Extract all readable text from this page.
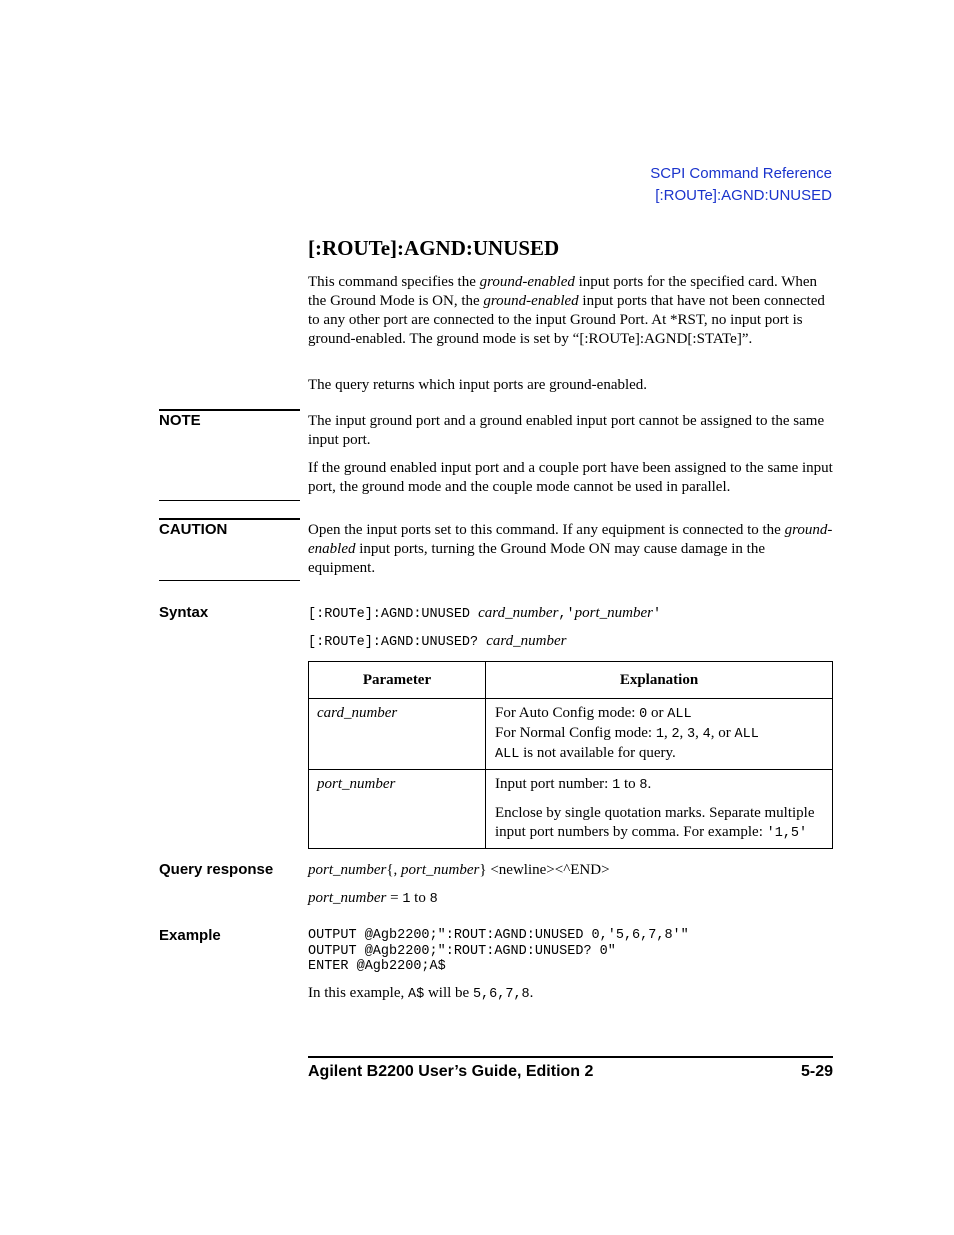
SCPI Command Reference
[:ROUTe]:AGND:UNUSED
[:ROUTe]:AGND:UNUSED

This command specifies the ground-enabled input ports for the specified card. When the Ground Mode is ON, the ground-enabled input ports that have not been connected to any other port are connected to the input Ground Port. At *RST, no input port is ground-enabled. The ground mode is set by “[:ROUTe]:AGND[:STATe]”.

The query returns which input ports are ground-enabled.
NOTE	The input ground port and a ground enabled input port cannot be assigned to the same input port.
If the ground enabled input port and a couple port have been assigned to the same input port, the ground mode and the couple mode cannot be used in parallel.
CAUTION	Open the input ports set to this command. If any equipment is connected to the ground-enabled input ports, turning the Ground Mode ON may cause damage in the equipment.

Syntax	[:ROUTe]:AGND:UNUSED card_number,'port_number'
[:ROUTe]:AGND:UNUSED? card_number
Parameter	Explanation
card_number	For Auto Config mode: 0 or ALL
For Normal Config mode: 1, 2, 3, 4, or ALL
ALL is not available for query.

port_number	Input port number: 1 to 8.
Enclose by single quotation marks. Separate multiple input port numbers by comma. For example: '1,5'
Query response port_number{, port_number} <newline><^END>
port_number = 1 to 8
Example	OUTPUT @Agb2200;":ROUT:AGND:UNUSED 0,'5,6,7,8'"
OUTPUT @Agb2200;":ROUT:AGND:UNUSED? 0"
ENTER @Agb2200;A$
In this example, A$ will be 5,6,7,8.
Agilent B2200 User’s Guide, Edition 2	5-29
